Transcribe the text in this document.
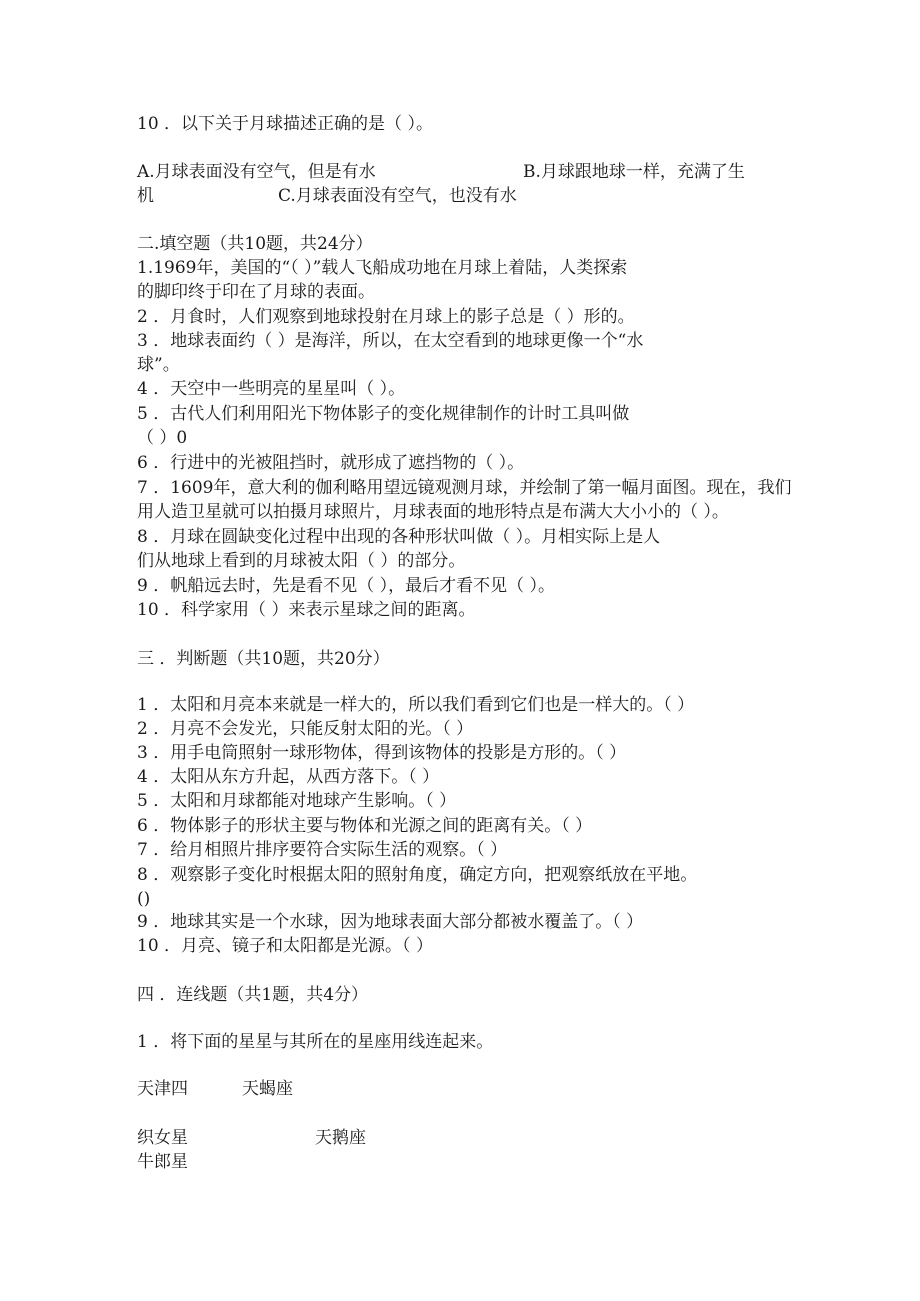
10 ．以下关于月球描述正确的是（ ）。
A.月球表面没有空气，但是有水	B.月球跟地球一样，充满了生
机	C.月球表面没有空气，也没有水
二.填空题（共10题，共24分）
1.1969年，美国的“（ ）”载人飞船成功地在月球上着陆，人类探索
的脚印终于印在了月球的表面。
2 ．月食时，人们观察到地球投射在月球上的影子总是（ ）形的。
3 ．地球表面约（ ）是海洋，所以，在太空看到的地球更像一个“水
球”。
4 ．天空中一些明亮的星星叫（ ）。
5 ．古代人们利用阳光下物体影子的变化规律制作的计时工具叫做
（ ）0
6 ．行进中的光被阻挡时，就形成了遮挡物的（ ）。
7 ．1609年，意大利的伽利略用望远镜观测月球，并绘制了第一幅月面图。现在，我们
用人造卫星就可以拍摄月球照片，月球表面的地形特点是布满大大小小的（ ）。
8 ．月球在圆缺变化过程中出现的各种形状叫做（ ）。月相实际上是人
们从地球上看到的月球被太阳（ ）的部分。
9 ．帆船远去时，先是看不见（ ），最后才看不见（ ）。
10 ．科学家用（ ）来表示星球之间的距离。
三 ．判断题（共10题，共20分）
1 ．太阳和月亮本来就是一样大的，所以我们看到它们也是一样大的。（ ）
2 ．月亮不会发光，只能反射太阳的光。（ ）
3 ．用手电筒照射一球形物体，得到该物体的投影是方形的。（ ）
4 ．太阳从东方升起，从西方落下。（ ）
5 ．太阳和月球都能对地球产生影响。（ ）
6 ．物体影子的形状主要与物体和光源之间的距离有关。（ ）
7 ．给月相照片排序要符合实际生活的观察。（ ）
8 ．观察影子变化时根据太阳的照射角度，确定方向，把观察纸放在平地。
()
9 ．地球其实是一个水球，因为地球表面大部分都被水覆盖了。（ ）
10 ．月亮、镜子和太阳都是光源。（ ）
四 ．连线题（共1题，共4分）
1 ．将下面的星星与其所在的星座用线连起来。
天津四	天蝎座
织女星	天鹅座
牛郎星
